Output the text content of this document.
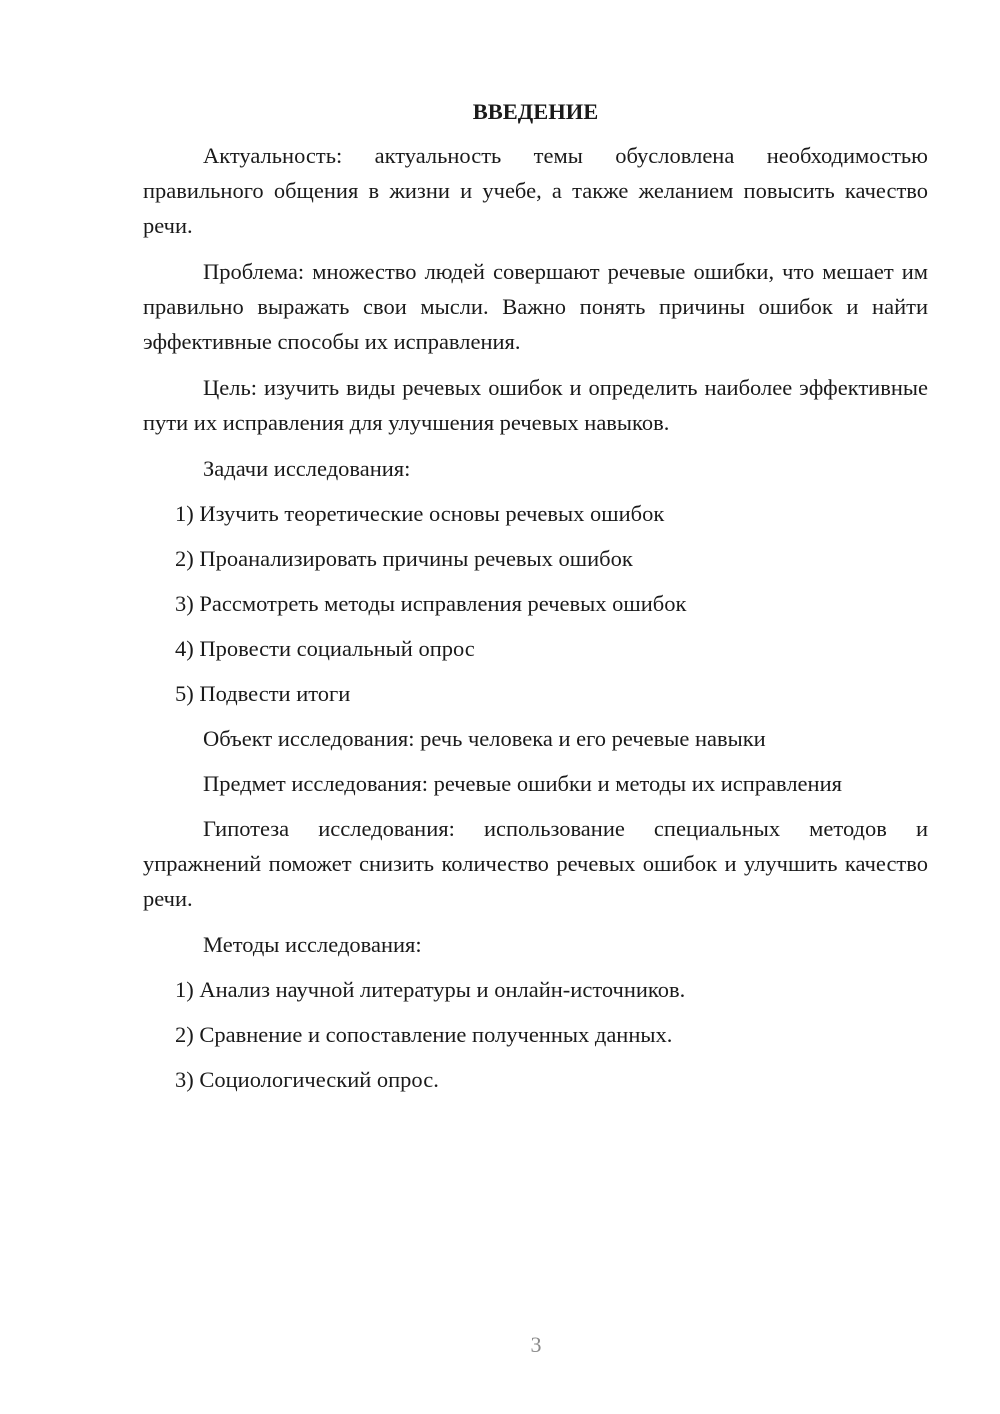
ВВЕДЕНИЕ

Актуальность: актуальность темы обусловлена необходимостью правильного общения в жизни и учебе, а также желанием повысить качество речи.

Проблема: множество людей совершают речевые ошибки, что мешает им правильно выражать свои мысли. Важно понять причины ошибок и найти эффективные способы их исправления.

Цель: изучить виды речевых ошибок и определить наиболее эффективные пути их исправления для улучшения речевых навыков.

Задачи исследования:
1) Изучить теоретические основы речевых ошибок
2) Проанализировать причины речевых ошибок
3) Рассмотреть методы исправления речевых ошибок
4) Провести социальный опрос
5) Подвести итоги
Объект исследования: речь человека и его речевые навыки
Предмет исследования: речевые ошибки и методы их исправления

Гипотеза исследования: использование специальных методов и упражнений поможет снизить количество речевых ошибок и улучшить качество речи.

Методы исследования:
1) Анализ научной литературы и онлайн-источников.
2) Сравнение и сопоставление полученных данных.
3) Социологический опрос.
3
